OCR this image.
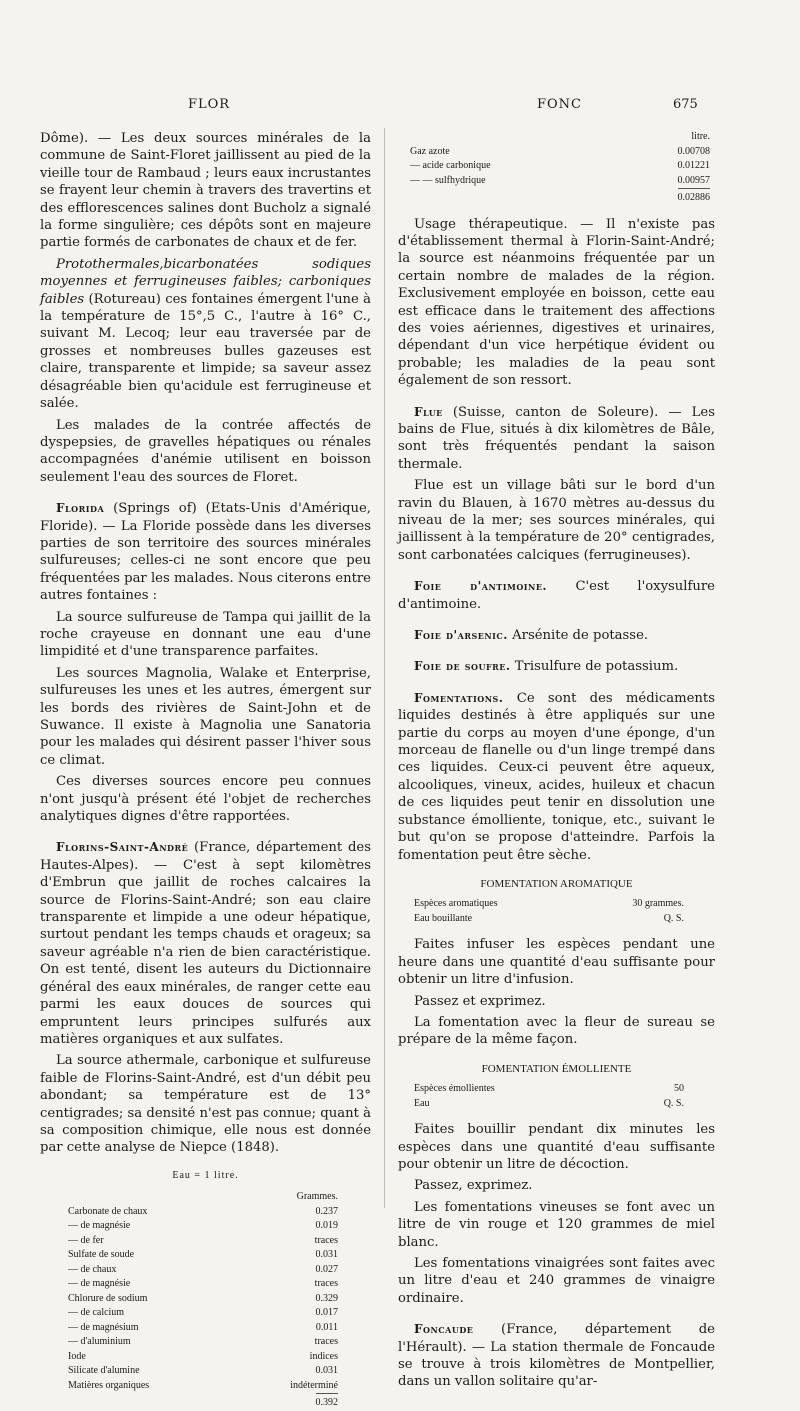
FLOR	FONC	675

Dôme). — Les deux sources minérales de la commune de Saint-Floret jaillissent au pied de la vieille tour de Rambaud ; leurs eaux incrustantes se frayent leur chemin à travers des travertins et des efflorescences salines dont Bucholz a signalé la forme singulière; ces dépôts sont en majeure partie formés de carbonates de chaux et de fer.

Protothermales,bicarbonatées sodiques moyennes et ferrugineuses faibles; carboniques faibles (Rotureau) ces fontaines émergent l'une à la température de 15°,5 C., l'autre à 16° C., suivant M. Lecoq; leur eau traversée par de grosses et nombreuses bulles gazeuses est claire, transparente et limpide; sa saveur assez désagréable bien qu'acidule est ferrugineuse et salée.

Les malades de la contrée affectés de dyspepsies, de gravelles hépatiques ou rénales accompagnées d'anémie utilisent en boisson seulement l'eau des sources de Floret.

Florida (Springs of) (Etats-Unis d'Amérique, Floride). — La Floride possède dans les diverses parties de son territoire des sources minérales sulfureuses; celles-ci ne sont encore que peu fréquentées par les malades. Nous citerons entre autres fontaines :

La source sulfureuse de Tampa qui jaillit de la roche crayeuse en donnant une eau d'une limpidité et d'une transparence parfaites.

Les sources Magnolia, Walake et Enterprise, sulfureuses les unes et les autres, émergent sur les bords des rivières de Saint-John et de Suwance. Il existe à Magnolia une Sanatoria pour les malades qui désirent passer l'hiver sous ce climat.

Ces diverses sources encore peu connues n'ont jusqu'à présent été l'objet de recherches analytiques dignes d'être rapportées.

Florins-Saint-André (France, département des Hautes-Alpes). — C'est à sept kilomètres d'Embrun que jaillit de roches calcaires la source de Florins-Saint-André; son eau claire transparente et limpide a une odeur hépatique, surtout pendant les temps chauds et orageux; sa saveur agréable n'a rien de bien caractéristique. On est tenté, disent les auteurs du Dictionnaire général des eaux minérales, de ranger cette eau parmi les eaux douces de sources qui empruntent leurs principes sulfurés aux matières organiques et aux sulfates.

La source athermale, carbonique et sulfureuse faible de Florins-Saint-André, est d'un débit peu abondant; sa température est de 13° centigrades; sa densité n'est pas connue; quant à sa composition chimique, elle nous est donnée par cette analyse de Niepce (1848).

Eau = 1 litre.
	Grammes.
Carbonate de chaux	0.237
— de magnésie	0.019
— de fer	traces
Sulfate de soude	0.031
— de chaux	0.027
— de magnésie	traces
Chlorure de sodium	0.329
— de calcium	0.017
— de magnésium	0.011
— d'aluminium	traces
Iode	indices
Silicate d'alumine	0.031
Matières organiques	indéterminé
	0.392
	litre.
Gaz azote	0.00708
— acide carbonique	0.01221
— — sulfhydrique	0.00957
	0.02886

Usage thérapeutique. — Il n'existe pas d'établissement thermal à Florin-Saint-André; la source est néanmoins fréquentée par un certain nombre de malades de la région. Exclusivement employée en boisson, cette eau est efficace dans le traitement des affections des voies aériennes, digestives et urinaires, dépendant d'un vice herpétique évident ou probable; les maladies de la peau sont également de son ressort.

Flue (Suisse, canton de Soleure). — Les bains de Flue, situés à dix kilomètres de Bâle, sont très fréquentés pendant la saison thermale.

Flue est un village bâti sur le bord d'un ravin du Blauen, à 1670 mètres au-dessus du niveau de la mer; ses sources minérales, qui jaillissent à la température de 20° centigrades, sont carbonatées calciques (ferrugineuses).

Foie d'antimoine. C'est l'oxysulfure d'antimoine.

Foie d'arsenic. Arsénite de potasse.

Foie de soufre. Trisulfure de potassium.

Fomentations. Ce sont des médicaments liquides destinés à être appliqués sur une partie du corps au moyen d'une éponge, d'un morceau de flanelle ou d'un linge trempé dans ces liquides. Ceux-ci peuvent être aqueux, alcooliques, vineux, acides, huileux et chacun de ces liquides peut tenir en dissolution une substance émolliente, tonique, etc., suivant le but qu'on se propose d'atteindre. Parfois la fomentation peut être sèche.

FOMENTATION AROMATIQUE
Espèces aromatiques	30 grammes.
Eau bouillante	Q. S.

Faites infuser les espèces pendant une heure dans une quantité d'eau suffisante pour obtenir un litre d'infusion.

Passez et exprimez.

La fomentation avec la fleur de sureau se prépare de la même façon.

FOMENTATION ÉMOLLIENTE
Espèces émollientes	50
Eau	Q. S.

Faites bouillir pendant dix minutes les espèces dans une quantité d'eau suffisante pour obtenir un litre de décoction.

Passez, exprimez.

Les fomentations vineuses se font avec un litre de vin rouge et 120 grammes de miel blanc.

Les fomentations vinaigrées sont faites avec un litre d'eau et 240 grammes de vinaigre ordinaire.

Foncaude (France, département de l'Hérault). — La station thermale de Foncaude se trouve à trois kilomètres de Montpellier, dans un vallon solitaire qu'ar-
